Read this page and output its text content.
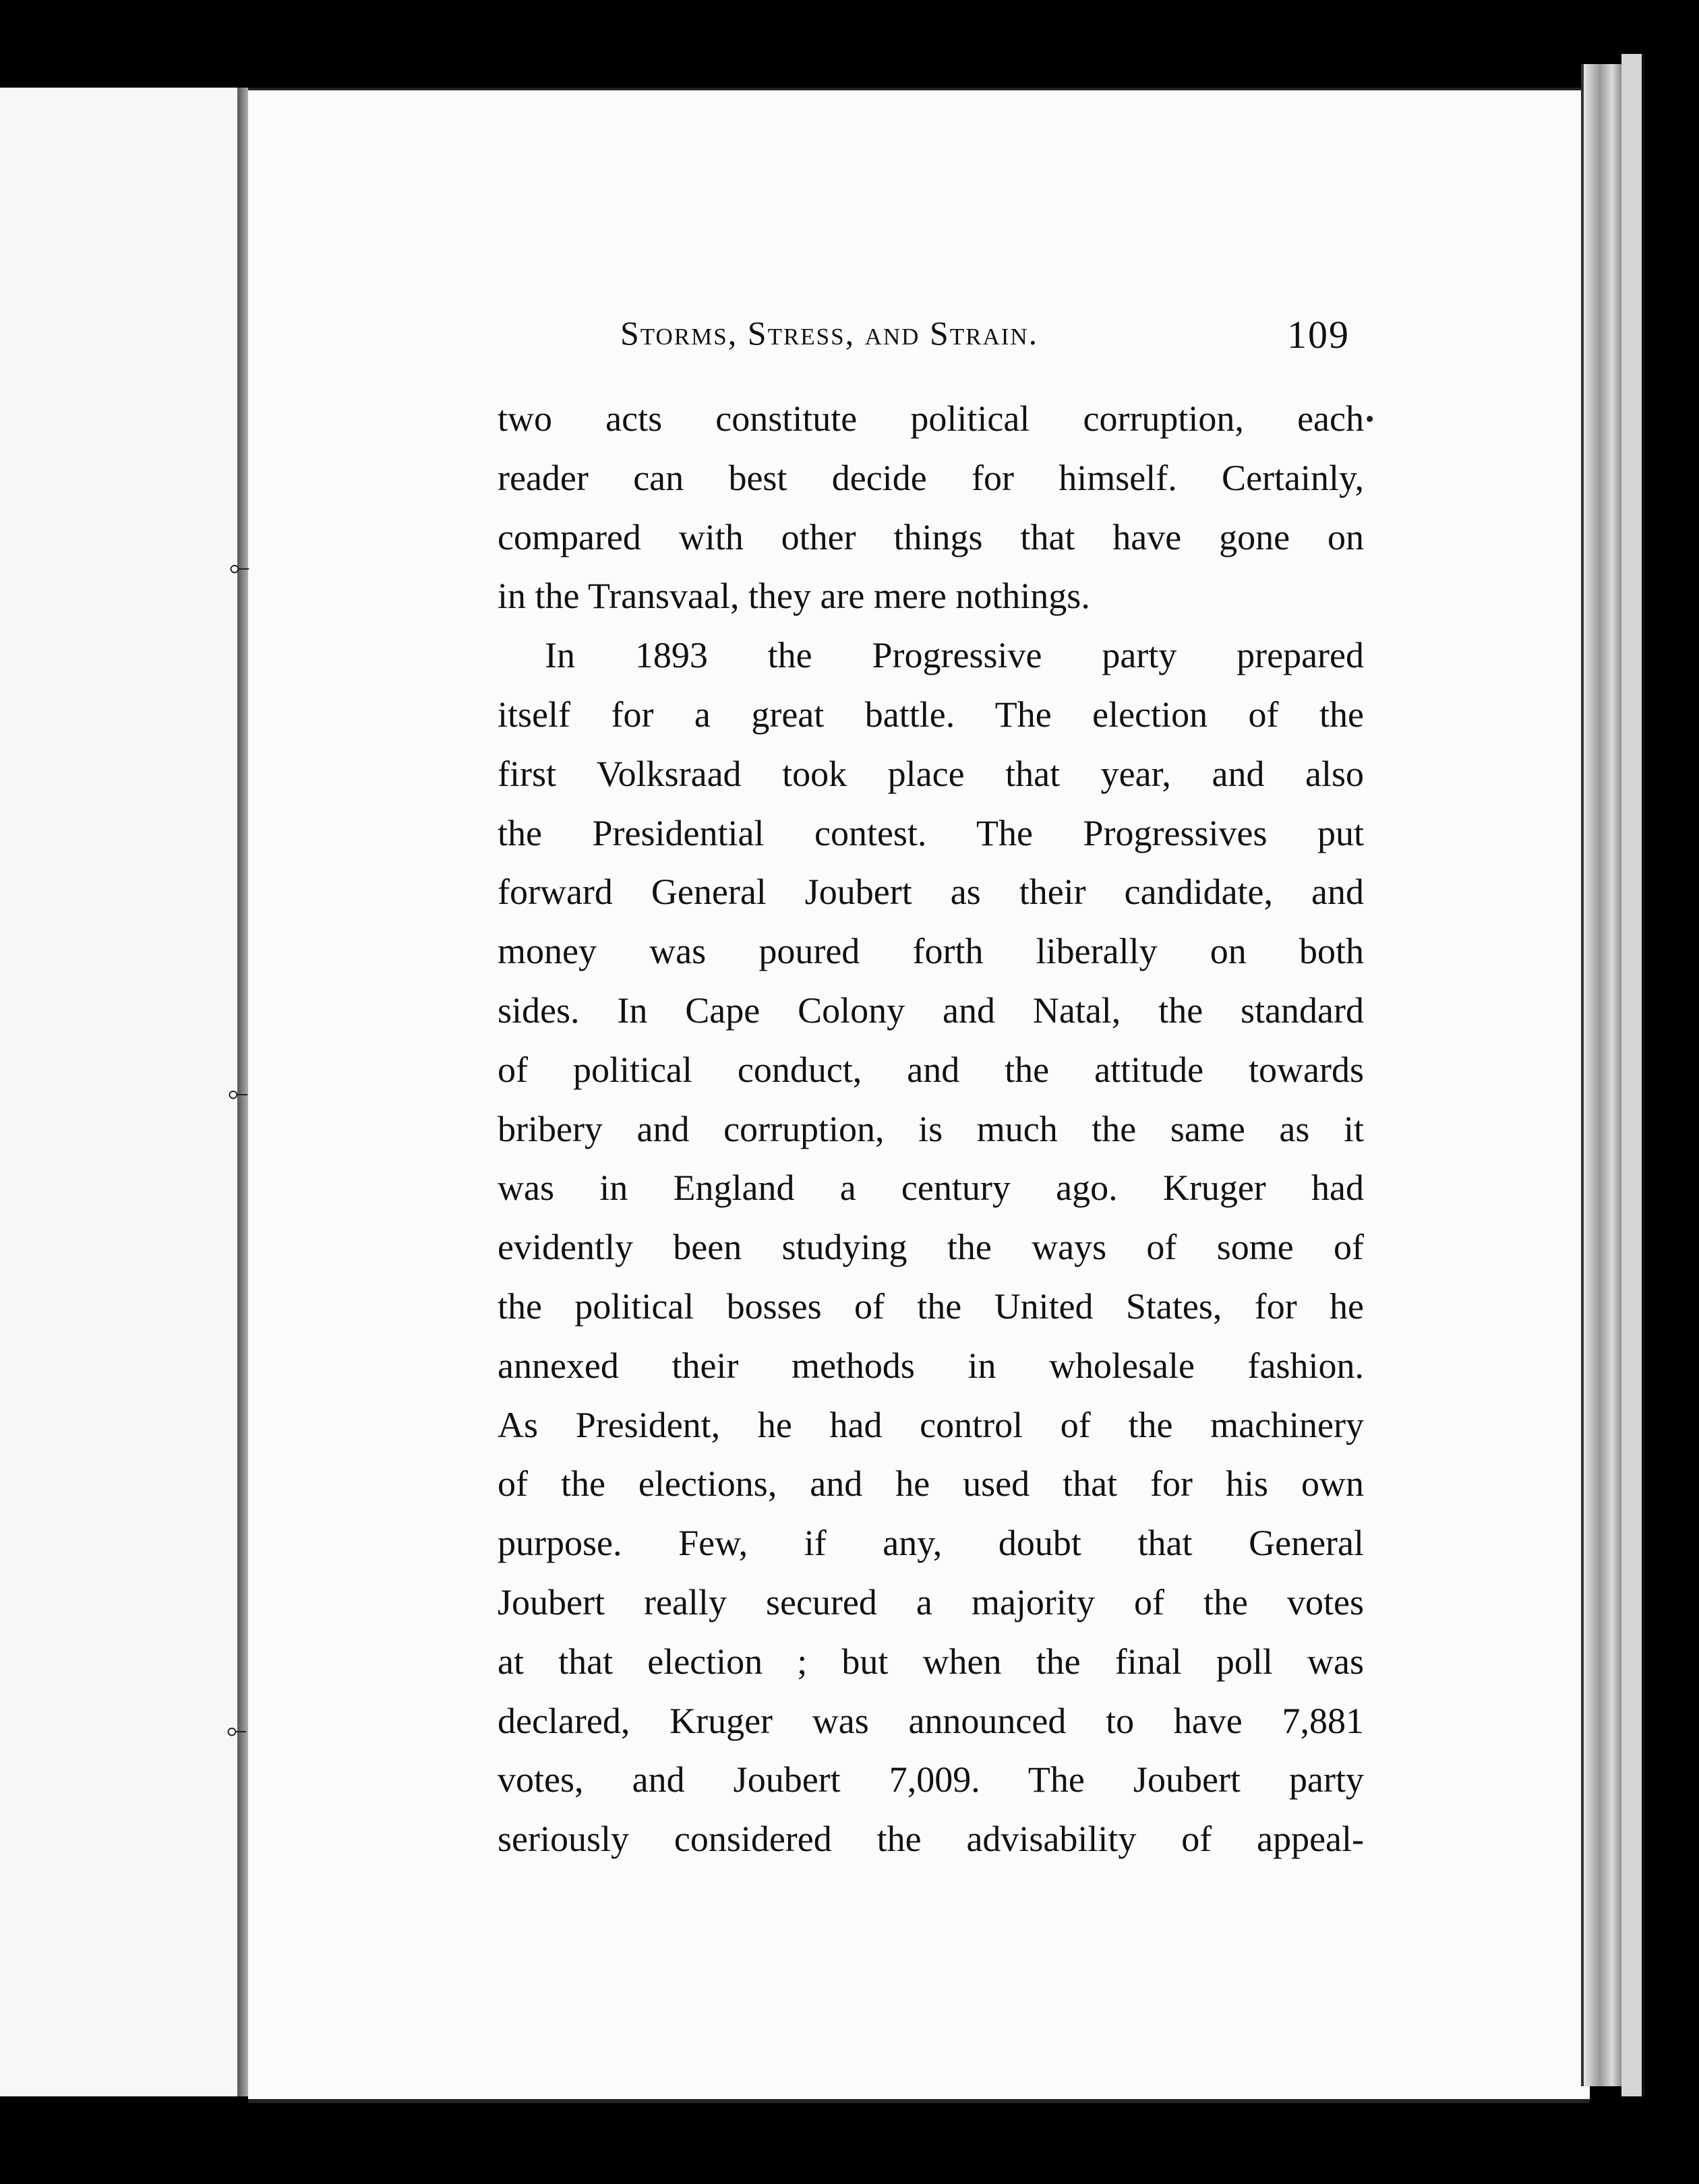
⟜
⟜
⟜
•
Storms, Stress, and Strain.	109
two acts constitute political corruption, each
reader can best decide for himself. Certainly,
compared with other things that have gone on
in the Transvaal, they are mere nothings.
In 1893 the Progressive party prepared
itself for a great battle. The election of the
first Volksraad took place that year, and also
the Presidential contest. The Progressives put
forward General Joubert as their candidate, and
money was poured forth liberally on both
sides. In Cape Colony and Natal, the standard
of political conduct, and the attitude towards
bribery and corruption, is much the same as it
was in England a century ago. Kruger had
evidently been studying the ways of some of
the political bosses of the United States, for he
annexed their methods in wholesale fashion.
As President, he had control of the machinery
of the elections, and he used that for his own
purpose. Few, if any, doubt that General
Joubert really secured a majority of the votes
at that election ; but when the final poll was
declared, Kruger was announced to have 7,881
votes, and Joubert 7,009. The Joubert party
seriously considered the advisability of appeal-
